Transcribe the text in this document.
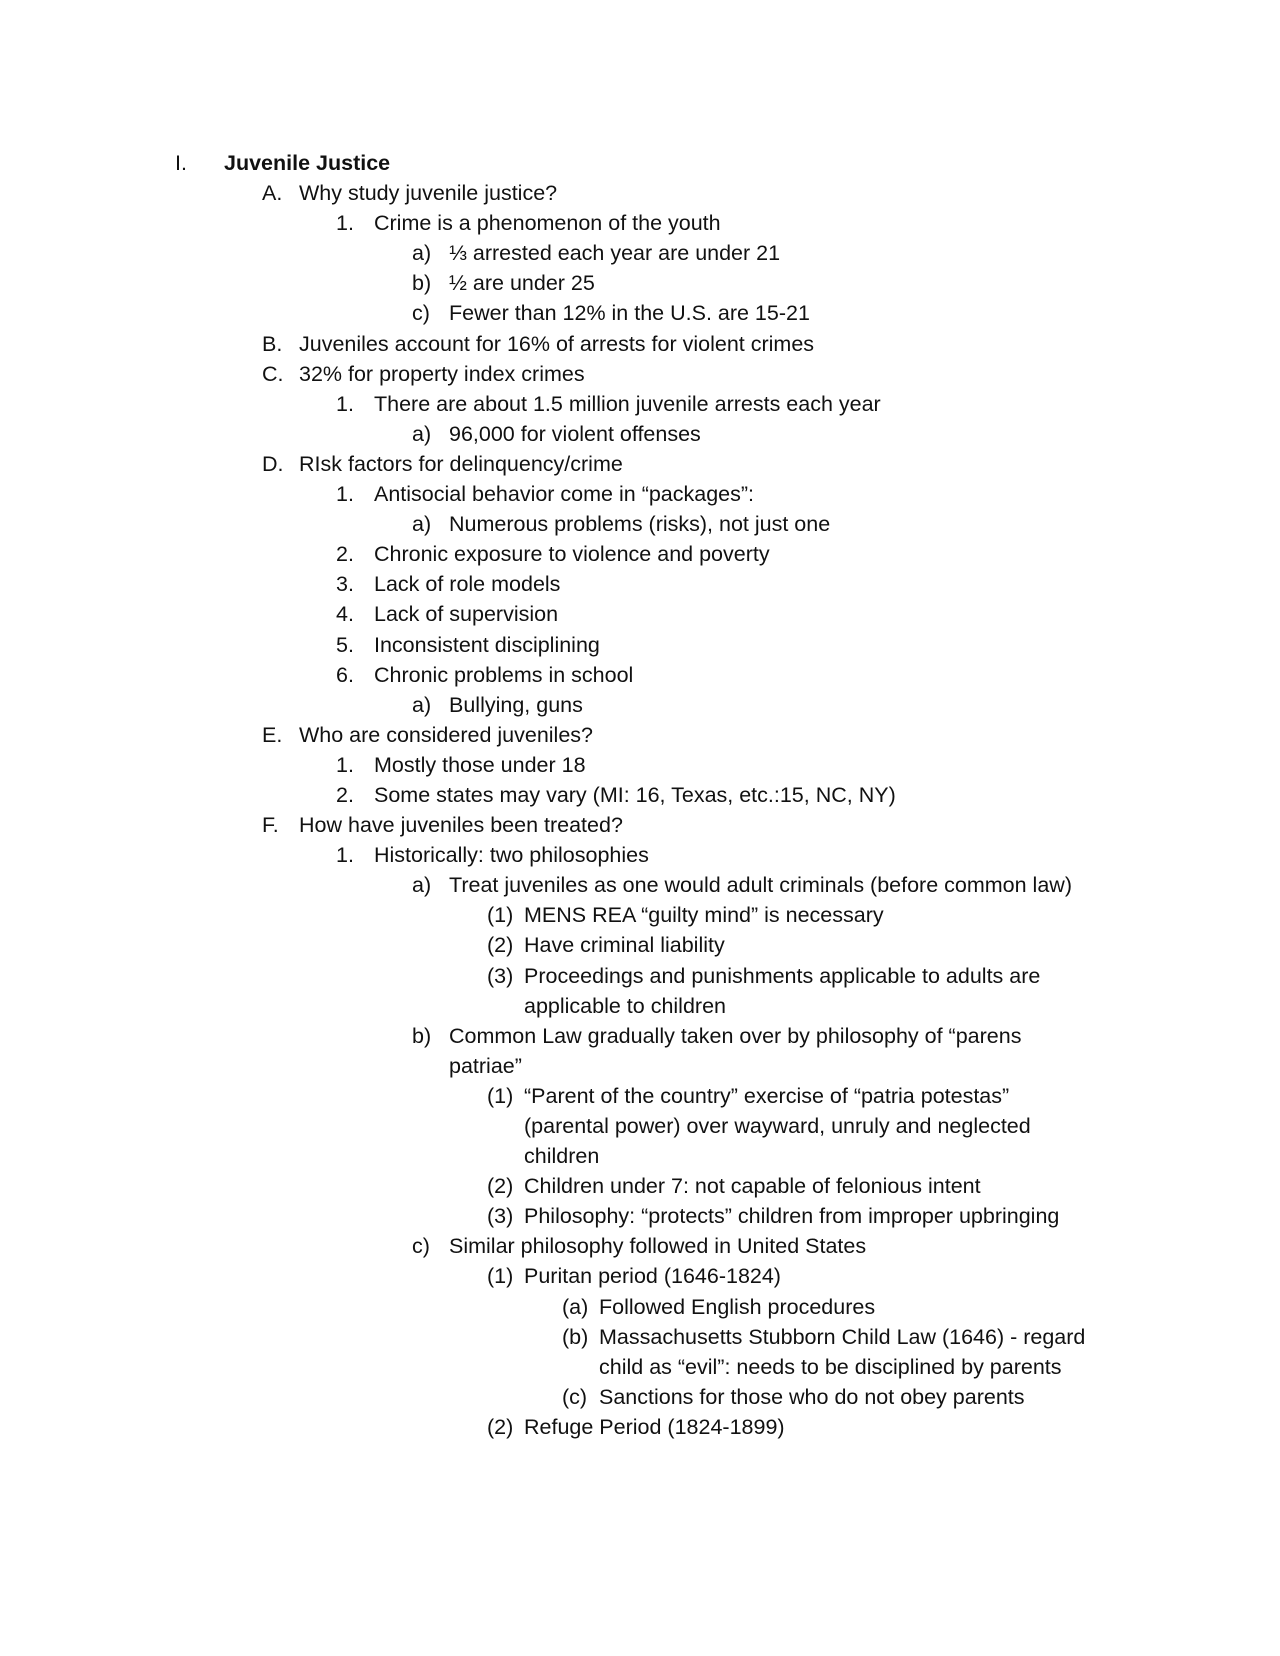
I. Juvenile Justice
A. Why study juvenile justice?
1. Crime is a phenomenon of the youth
a) ⅓ arrested each year are under 21
b) ½ are under 25
c) Fewer than 12% in the U.S. are 15-21
B. Juveniles account for 16% of arrests for violent crimes
C. 32% for property index crimes
1. There are about 1.5 million juvenile arrests each year
a) 96,000 for violent offenses
D. RIsk factors for delinquency/crime
1. Antisocial behavior come in “packages”:
a) Numerous problems (risks), not just one
2. Chronic exposure to violence and poverty
3. Lack of role models
4. Lack of supervision
5. Inconsistent disciplining
6. Chronic problems in school
a) Bullying, guns
E. Who are considered juveniles?
1. Mostly those under 18
2. Some states may vary (MI: 16, Texas, etc.:15, NC, NY)
F. How have juveniles been treated?
1. Historically: two philosophies
a) Treat juveniles as one would adult criminals (before common law)
(1) MENS REA “guilty mind” is necessary
(2) Have criminal liability
(3) Proceedings and punishments applicable to adults are
applicable to children
b) Common Law gradually taken over by philosophy of “parens
patriae”
(1) “Parent of the country” exercise of “patria potestas”
(parental power) over wayward, unruly and neglected
children
(2) Children under 7: not capable of felonious intent
(3) Philosophy: “protects” children from improper upbringing
c) Similar philosophy followed in United States
(1) Puritan period (1646-1824)
(a) Followed English procedures
(b) Massachusetts Stubborn Child Law (1646) - regard
child as “evil”: needs to be disciplined by parents
(c) Sanctions for those who do not obey parents
(2) Refuge Period (1824-1899)
